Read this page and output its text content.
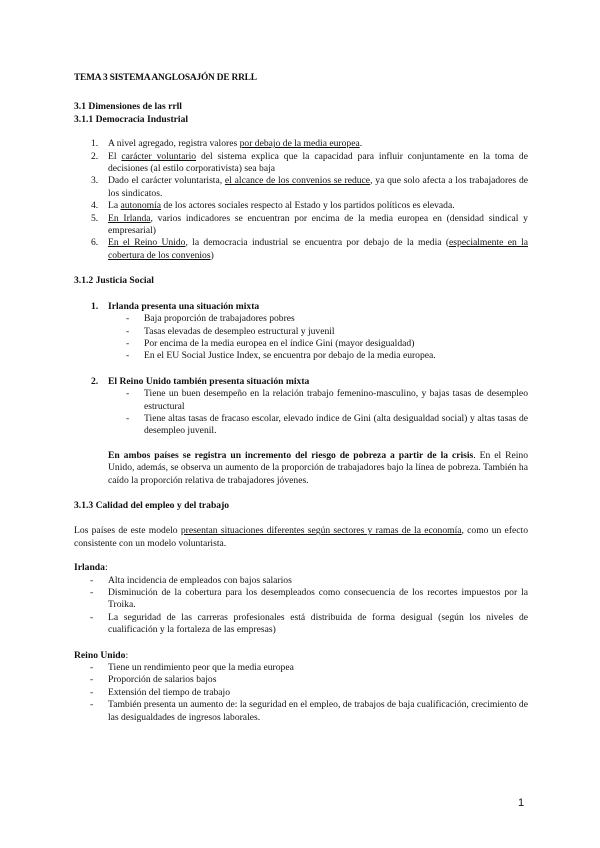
TEMA 3 SISTEMA ANGLOSAJÓN DE RRLL

3.1 Dimensiones de las rrll

3.1.1 Democracia Industrial

1. A nivel agregado, registra valores por debajo de la media europea.
2. El carácter voluntario del sistema explica que la capacidad para influir conjuntamente en la toma de decisiones (al estilo corporativista) sea baja
3. Dado el carácter voluntarista, el alcance de los convenios se reduce, ya que solo afecta a los trabajadores de los sindicatos.
4. La autonomía de los actores sociales respecto al Estado y los partidos políticos es elevada.
5. En Irlanda, varios indicadores se encuentran por encima de la media europea en (densidad sindical y empresarial)
6. En el Reino Unido, la democracia industrial se encuentra por debajo de la media (especialmente en la cobertura de los convenios)

3.1.2 Justicia Social

1. Irlanda presenta una situación mixta
- Baja proporción de trabajadores pobres
- Tasas elevadas de desempleo estructural y juvenil
- Por encima de la media europea en el índice Gini (mayor desigualdad)
- En el EU Social Justice Index, se encuentra por debajo de la media europea.
2. El Reino Unido también presenta situación mixta
- Tiene un buen desempeño en la relación trabajo femenino-masculino, y bajas tasas de desempleo estructural
- Tiene altas tasas de fracaso escolar, elevado índice de Gini (alta desigualdad social) y altas tasas de desempleo juvenil.

En ambos países se registra un incremento del riesgo de pobreza a partir de la crisis. En el Reino Unido, además, se observa un aumento de la proporción de trabajadores bajo la línea de pobreza. También ha caído la proporción relativa de trabajadores jóvenes.

3.1.3 Calidad del empleo y del trabajo

Los países de este modelo presentan situaciones diferentes según sectores y ramas de la economía, como un efecto consistente con un modelo voluntarista.

Irlanda:

- Alta incidencia de empleados con bajos salarios
- Disminución de la cobertura para los desempleados como consecuencia de los recortes impuestos por la Troika.
- La seguridad de las carreras profesionales está distribuida de forma desigual (según los niveles de cualificación y la fortaleza de las empresas)

Reino Unido:

- Tiene un rendimiento peor que la media europea
- Proporción de salarios bajos
- Extensión del tiempo de trabajo
- También presenta un aumento de: la seguridad en el empleo, de trabajos de baja cualificación, crecimiento de las desigualdades de ingresos laborales.
1
